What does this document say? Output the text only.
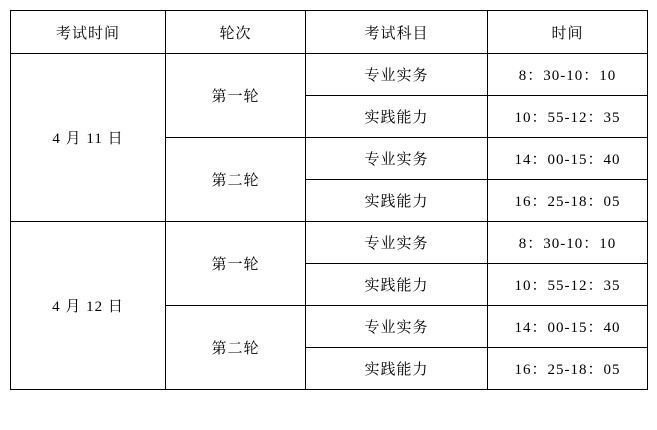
考试时间	轮次	考试科目	时间
4 月 11 日	第一轮	专业实务	8：30-10：10
		实践能力	10：55-12：35
	第二轮	专业实务	14：00-15：40
		实践能力	16：25-18：05
4 月 12 日	第一轮	专业实务	8：30-10：10
		实践能力	10：55-12：35
	第二轮	专业实务	14：00-15：40
		实践能力	16：25-18：05
